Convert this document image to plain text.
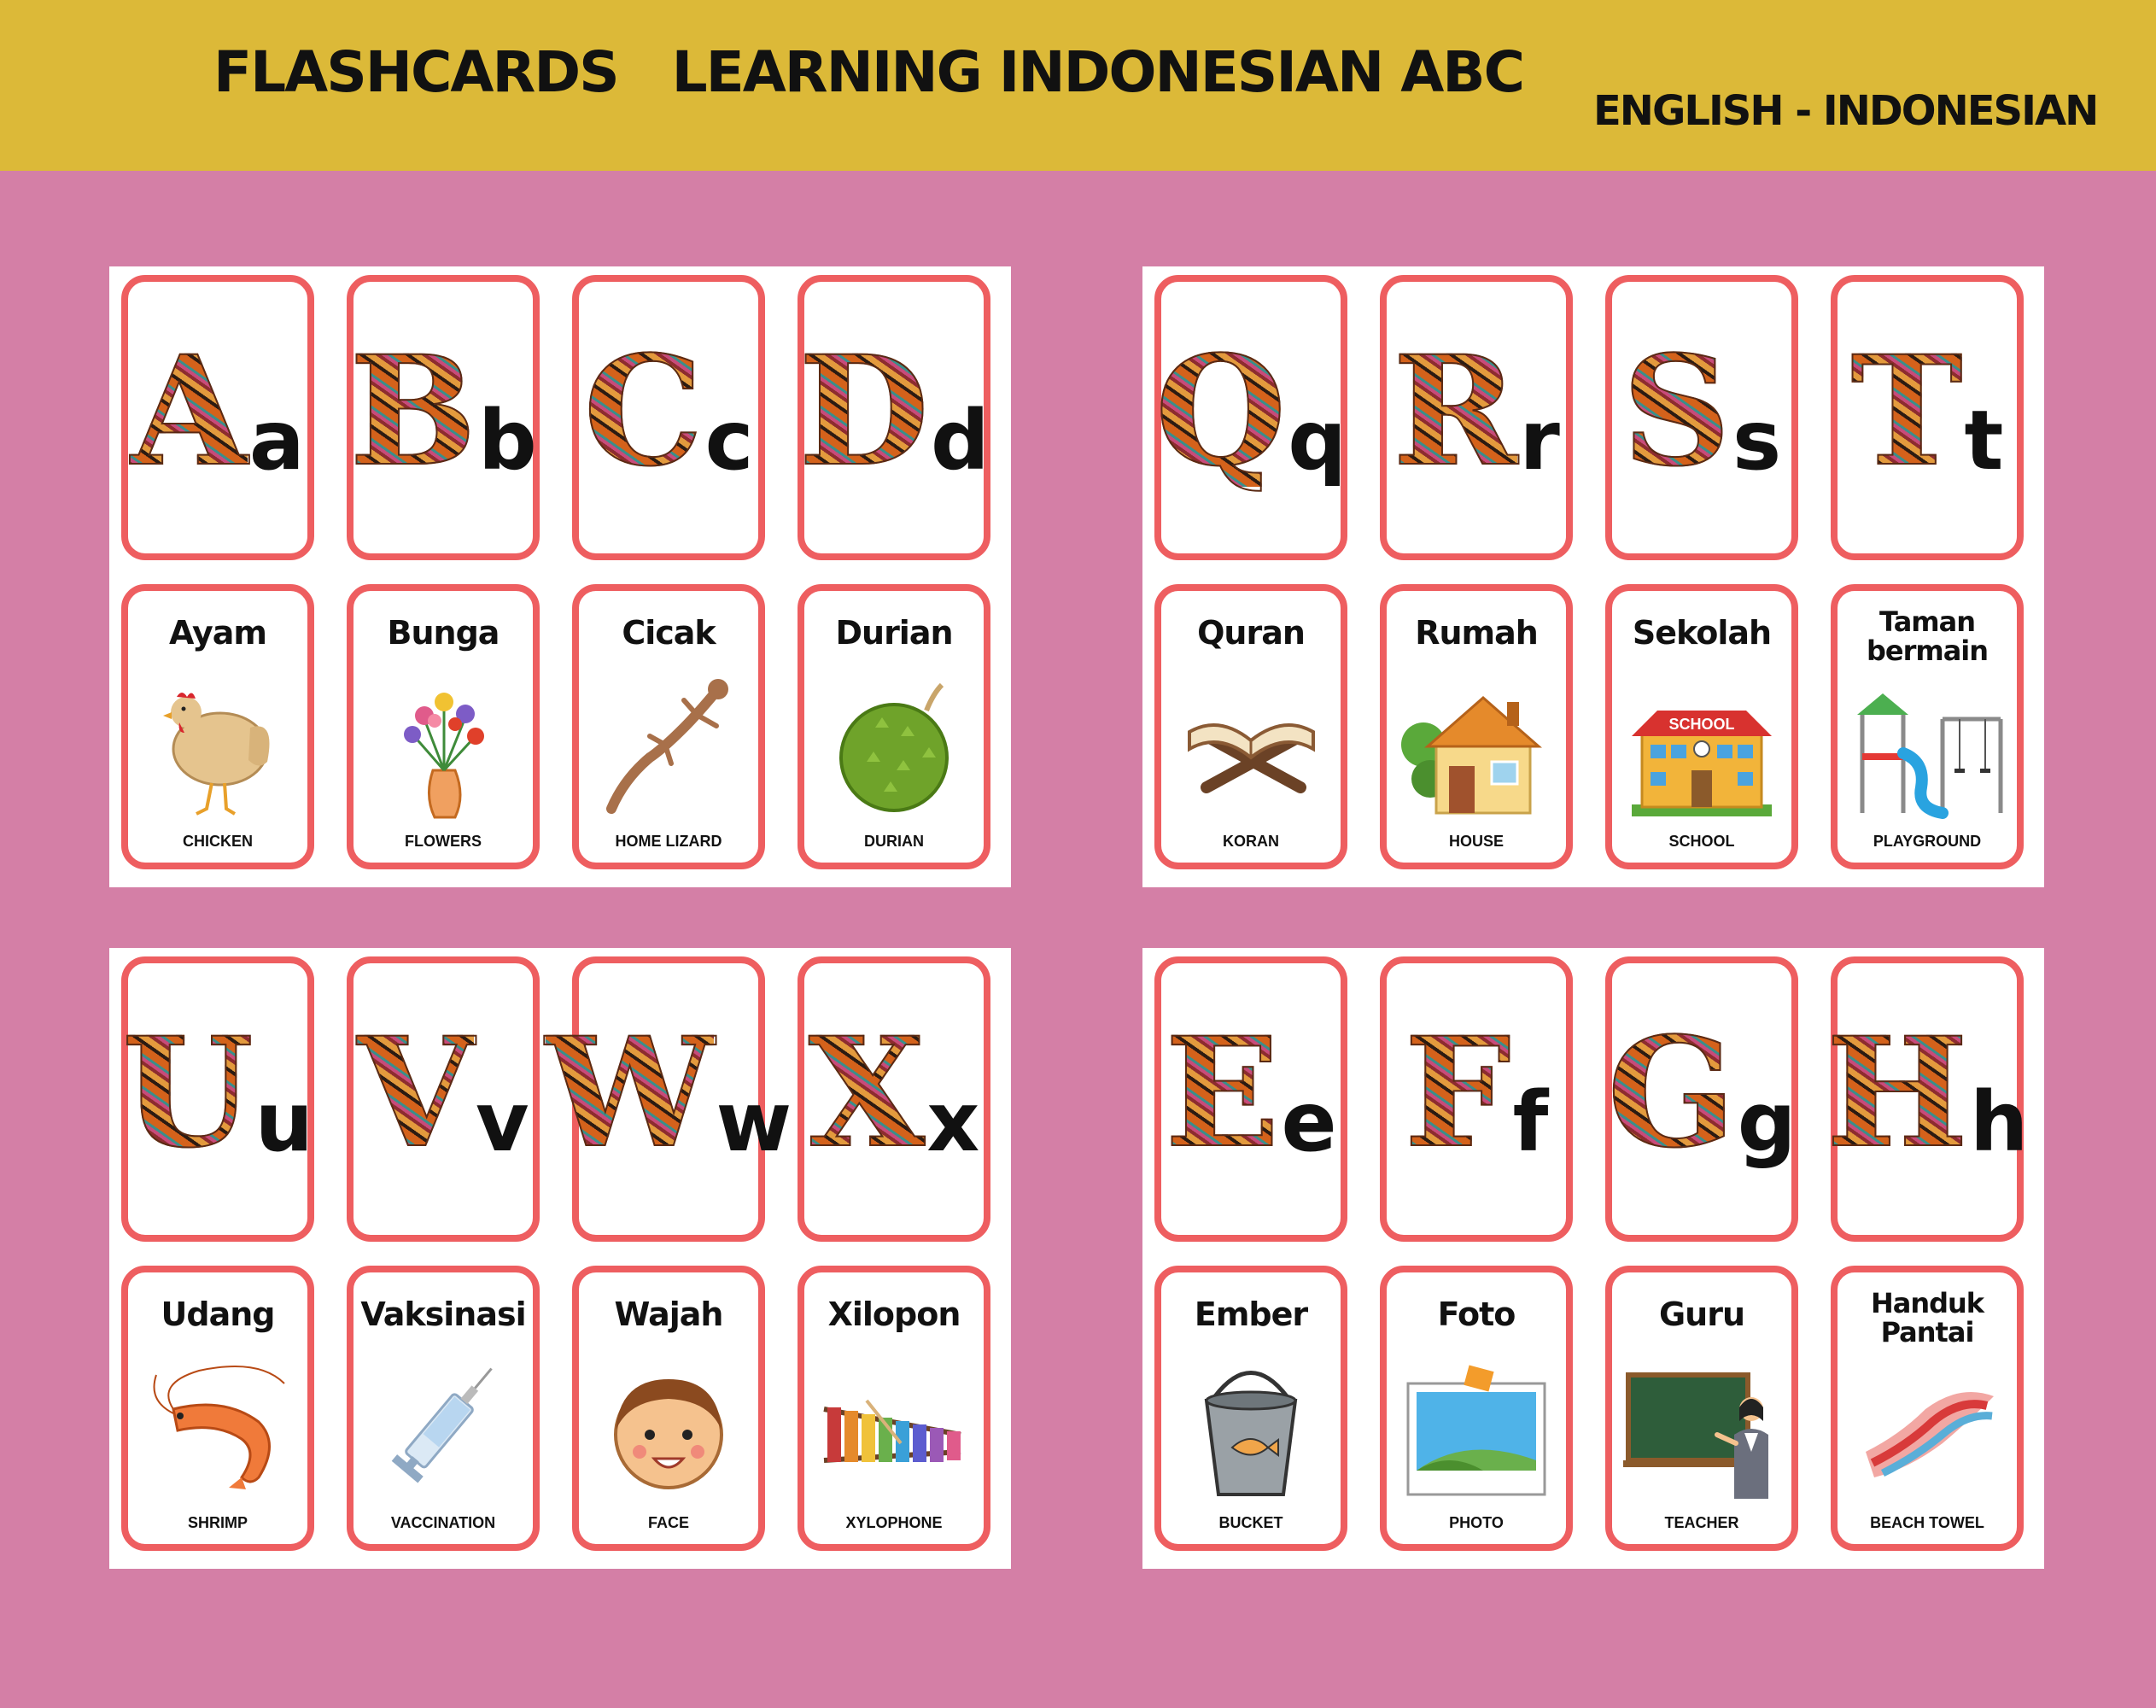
FLASHCARDS   LEARNING INDONESIAN ABC
ENGLISH - INDONESIAN
A a B b C c D d
Ayam
CHICKEN
Bunga
FLOWERS
Cicak
HOME LIZARD
Durian
DURIAN
Q q R r S s T t
Quran
KORAN
Rumah
HOUSE
Sekolah
SCHOOL
SCHOOL
Taman bermain
PLAYGROUND
U u V v W w X x
Udang
SHRIMP
Vaksinasi
VACCINATION
Wajah
FACE
Xilopon
XYLOPHONE
E e F f G g H h
Ember
BUCKET
Foto
PHOTO
Guru
TEACHER
Handuk Pantai
BEACH TOWEL
